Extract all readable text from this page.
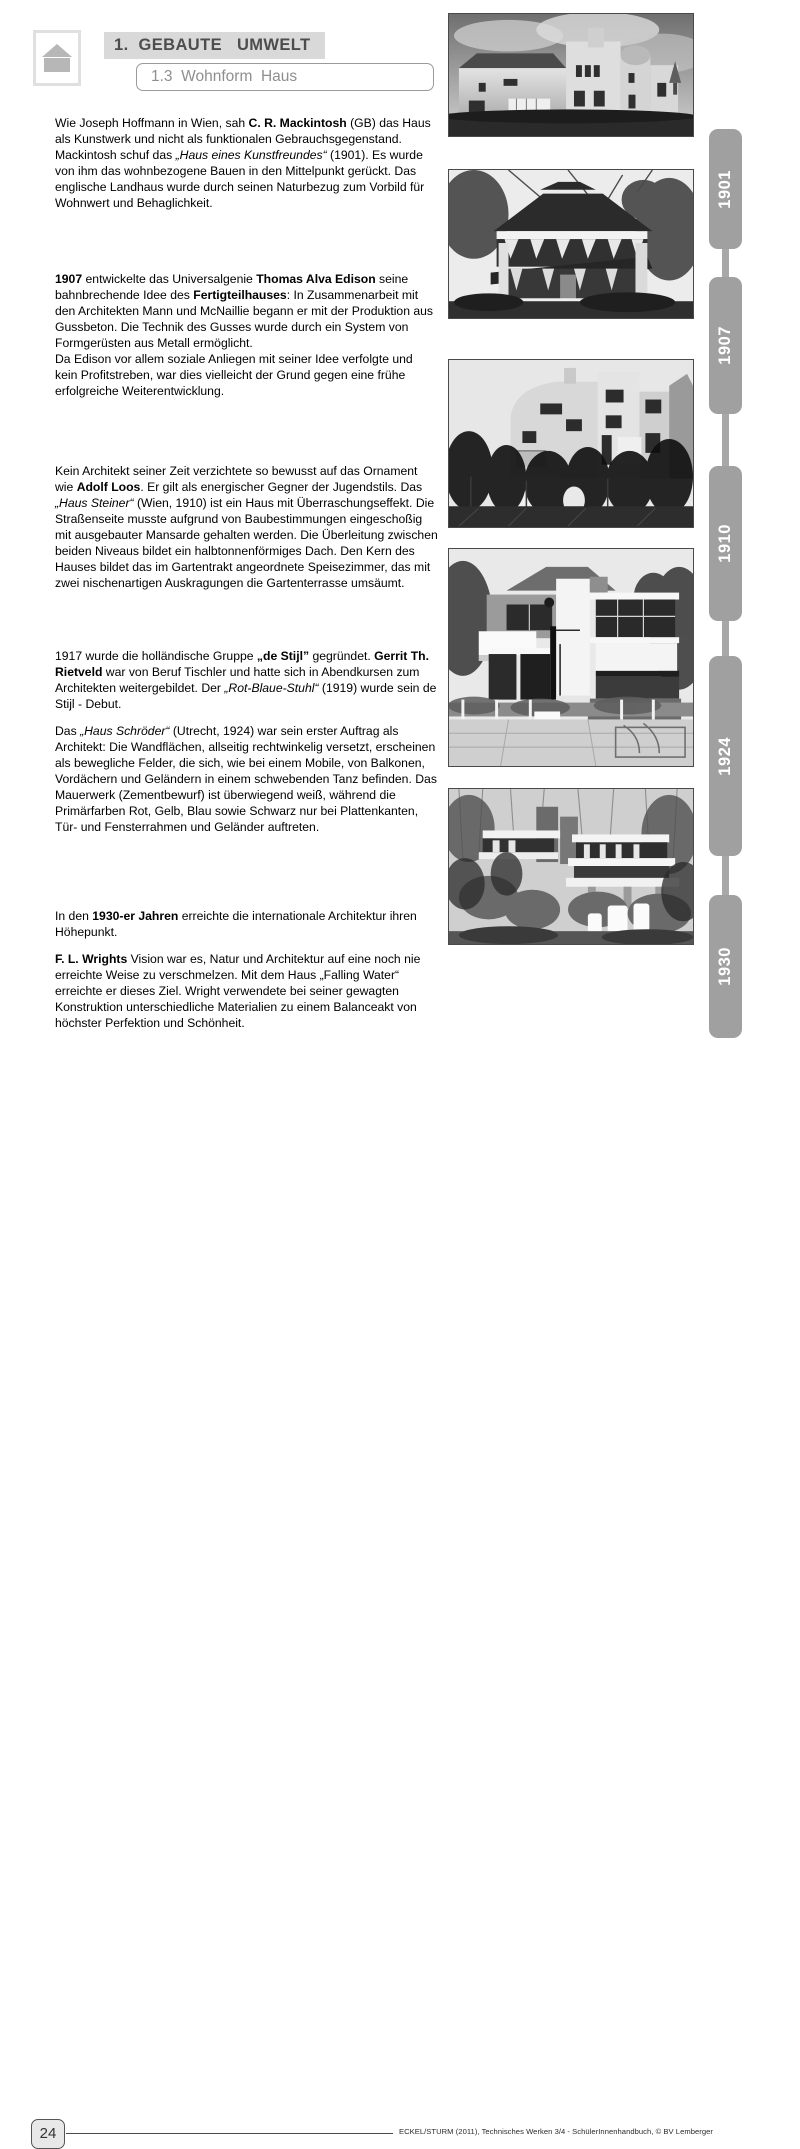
1.  GEBAUTE   UMWELT
1.3  Wohnform  Haus

Wie Joseph Hoffmann in Wien, sah C. R. Mackintosh (GB) das Haus als Kunstwerk und nicht als funktionalen Gebrauchsgegenstand. Mackintosh schuf das „Haus eines Kunstfreundes“ (1901). Es wurde von ihm das wohnbezogene Bauen in den Mittelpunkt gerückt. Das englische Landhaus wurde durch seinen Naturbezug zum Vorbild für Wohnwert und Behaglichkeit.

1907 entwickelte das Universalgenie Thomas Alva Edison seine bahnbrechende Idee des Fertigteilhauses: In Zusammenarbeit mit den Architekten Mann und McNaillie begann er mit der Produktion aus Gussbeton. Die Technik des Gusses wurde durch ein System von Formgerüsten aus Metall ermöglicht.
Da Edison vor allem soziale Anliegen mit seiner Idee verfolgte und kein Profitstreben, war dies vielleicht der Grund gegen eine frühe erfolgreiche Weiterentwicklung.

Kein Architekt seiner Zeit verzichtete so bewusst auf das Ornament wie Adolf Loos. Er gilt als energischer Gegner der Jugendstils. Das „Haus Steiner“ (Wien, 1910) ist ein Haus mit Überraschungseffekt. Die Straßenseite musste aufgrund von Baubestimmungen eingeschoßig mit ausgebauter Mansarde gehalten werden. Die Überleitung zwischen beiden Niveaus bildet ein halbtonnenförmiges Dach. Den Kern des Hauses bildet das im Gartentrakt angeordnete Speisezimmer, das mit zwei nischenartigen Auskragungen die Gartenterrasse umsäumt.

1917 wurde die holländische Gruppe „de Stijl” gegründet. Gerrit Th. Rietveld war von Beruf Tischler und hatte sich in Abendkursen zum Architekten weitergebildet. Der „Rot-Blaue-Stuhl“ (1919) wurde sein de Stijl - Debut.

Das „Haus Schröder“ (Utrecht, 1924) war sein erster Auftrag als Architekt: Die Wandflächen, allseitig rechtwinkelig versetzt, erscheinen als bewegliche Felder, die sich, wie bei einem Mobile, von Balkonen, Vordächern und Geländern in einem schwebenden Tanz befinden. Das Mauerwerk (Zementbewurf) ist überwiegend weiß, während die Primärfarben Rot, Gelb, Blau sowie Schwarz nur bei Plattenkanten, Tür- und Fensterrahmen und Geländer auftreten.

In den 1930-er Jahren erreichte die internationale Architektur ihren Höhepunkt.

F. L. Wrights Vision war es, Natur und Architektur auf eine noch nie erreichte Weise zu verschmelzen. Mit dem Haus „Falling Water“ erreichte er dieses Ziel. Wright verwendete bei seiner gewagten Konstruktion unterschiedliche Materialien zu einem Balanceakt von höchster Perfektion und Schönheit.

1901
1907
1910
1924
1930
24	ECKEL/STURM (2011), Technisches Werken 3/4 - SchülerInnenhandbuch, © BV Lemberger
